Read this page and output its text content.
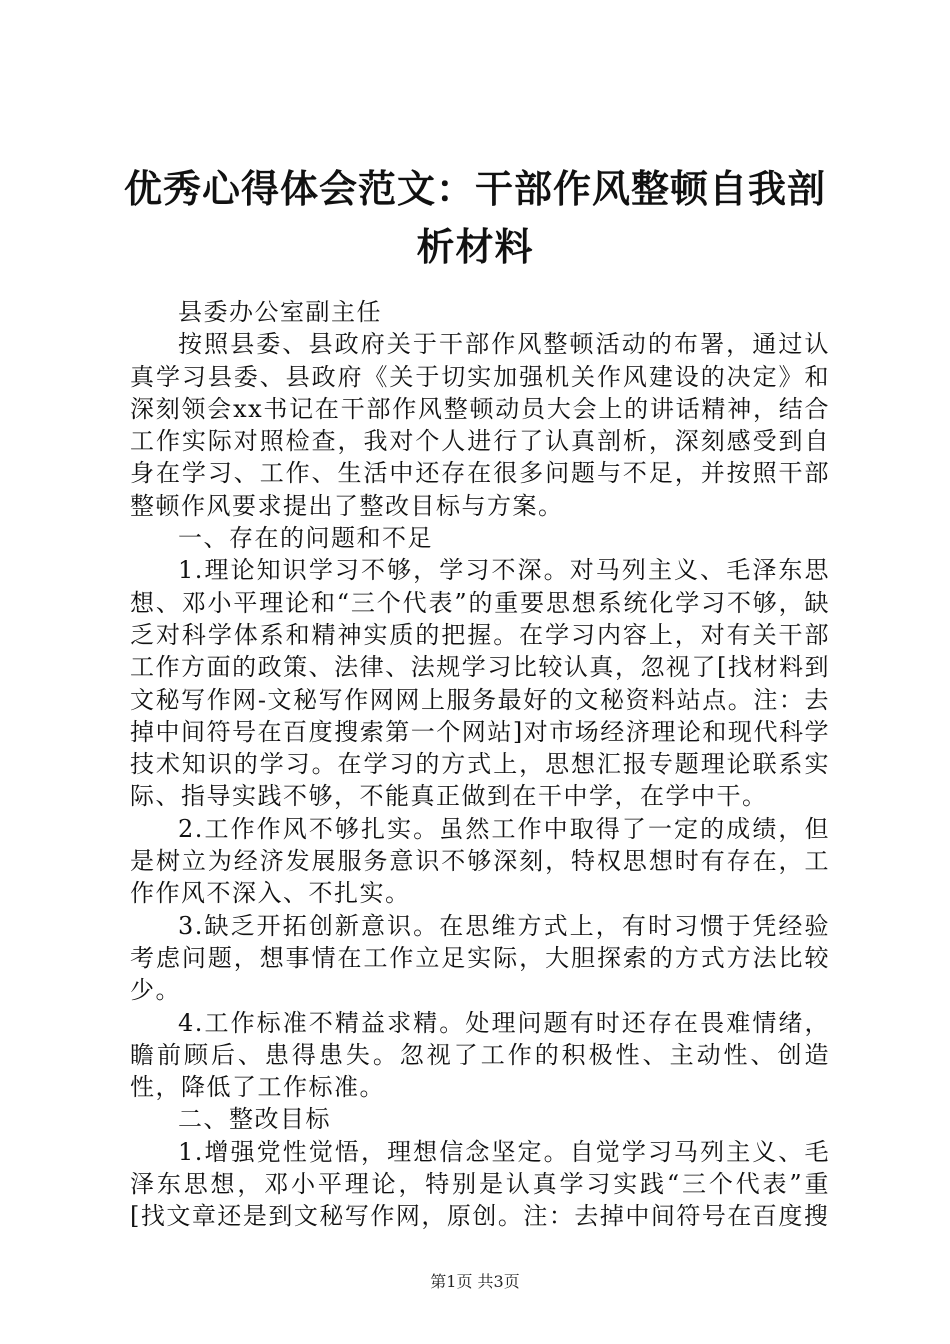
优秀心得体会范文：干部作风整顿自我剖析材料

县委办公室副主任

按照县委、县政府关于干部作风整顿活动的布署，通过认真学习县委、县政府《关于切实加强机关作风建设的决定》和深刻领会xx书记在干部作风整顿动员大会上的讲话精神，结合工作实际对照检查，我对个人进行了认真剖析，深刻感受到自身在学习、工作、生活中还存在很多问题与不足，并按照干部整顿作风要求提出了整改目标与方案。

一、存在的问题和不足

1.理论知识学习不够，学习不深。对马列主义、毛泽东思想、邓小平理论和“三个代表”的重要思想系统化学习不够，缺乏对科学体系和精神实质的把握。在学习内容上，对有关干部工作方面的政策、法律、法规学习比较认真，忽视了[找材料到文秘写作网-文秘写作网网上服务最好的文秘资料站点。注：去掉中间符号在百度搜索第一个网站]对市场经济理论和现代科学技术知识的学习。在学习的方式上，思想汇报专题理论联系实际、指导实践不够，不能真正做到在干中学，在学中干。

2.工作作风不够扎实。虽然工作中取得了一定的成绩，但是树立为经济发展服务意识不够深刻，特权思想时有存在，工作作风不深入、不扎实。

3.缺乏开拓创新意识。在思维方式上，有时习惯于凭经验考虑问题，想事情在工作立足实际，大胆探索的方式方法比较少。

4.工作标准不精益求精。处理问题有时还存在畏难情绪，瞻前顾后、患得患失。忽视了工作的积极性、主动性、创造性，降低了工作标准。

二、整改目标

1.增强党性觉悟，理想信念坚定。自觉学习马列主义、毛泽东思想，邓小平理论，特别是认真学习实践“三个代表”重[找文章还是到文秘写作网，原创。注：去掉中间符号在百度搜

第1页 共3页
